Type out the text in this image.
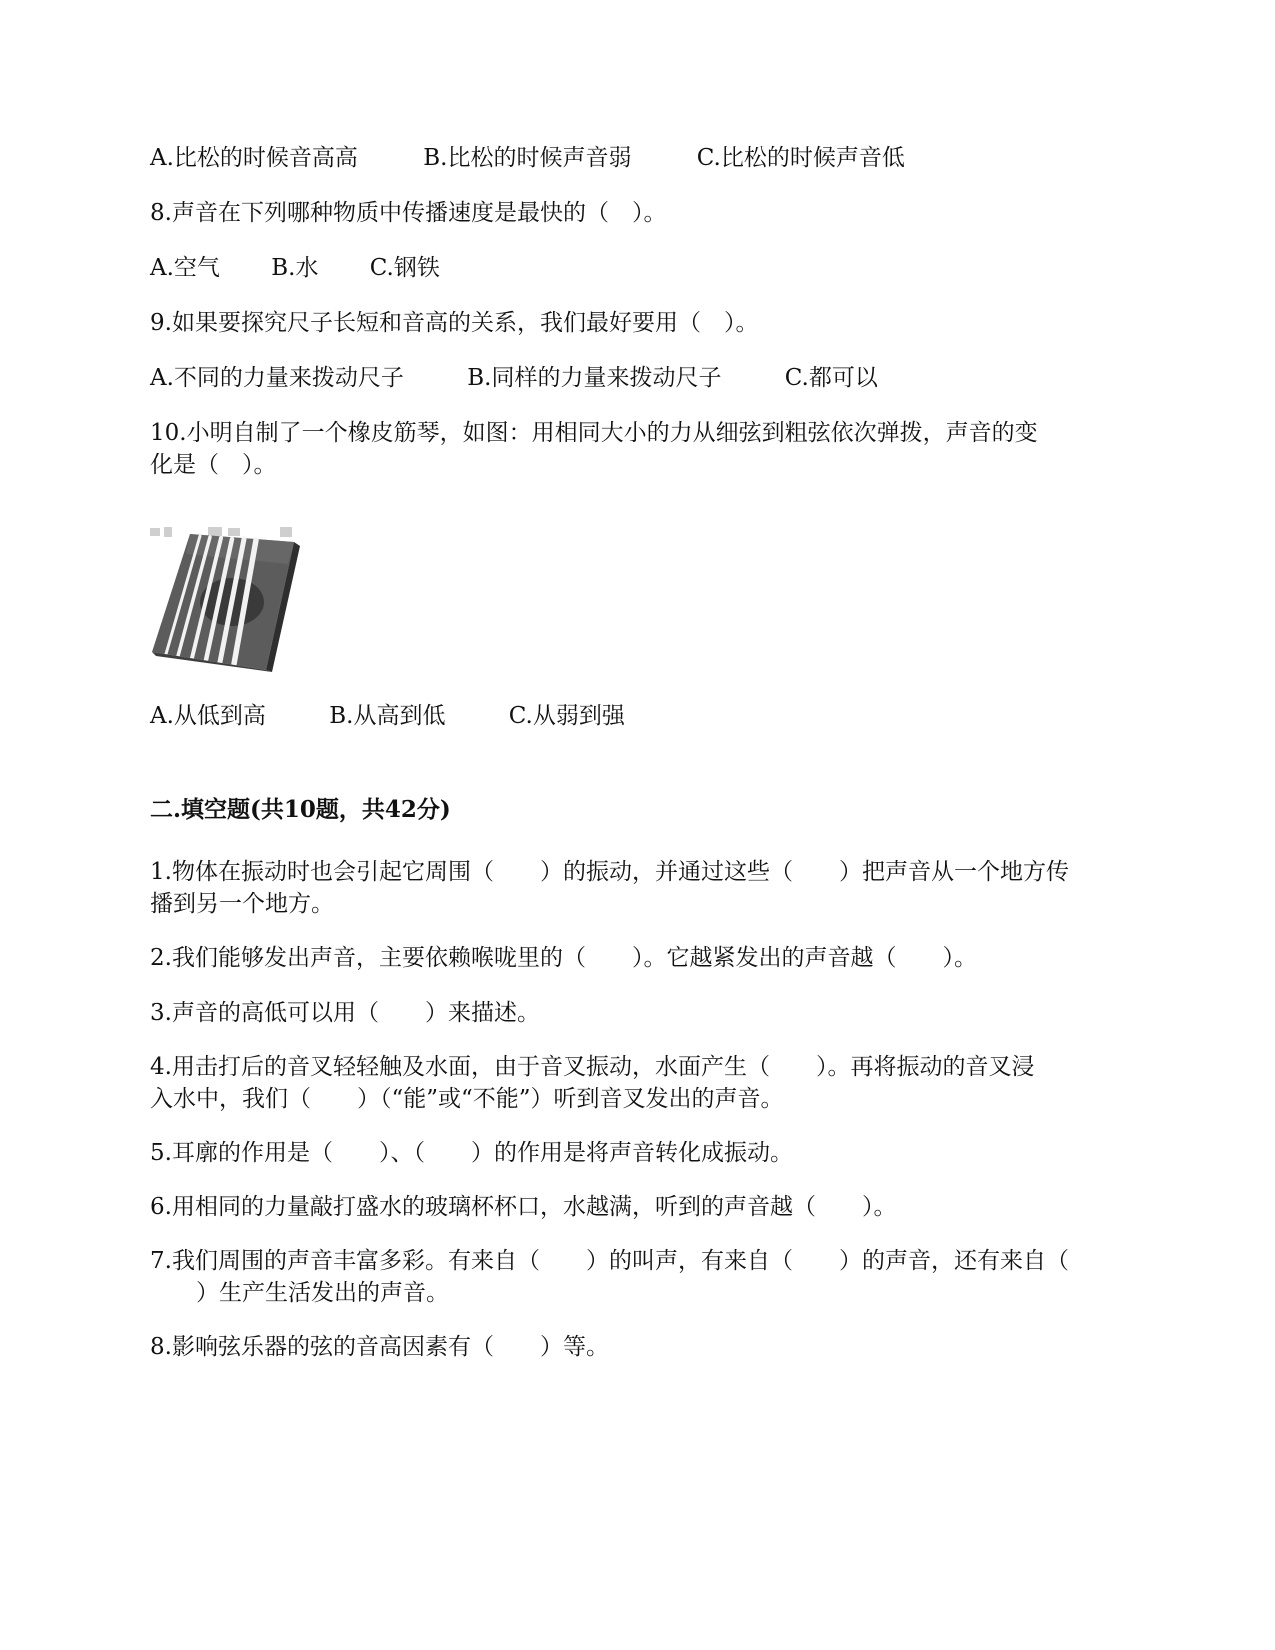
A.比松的时候音高高	B.比松的时候声音弱	C.比松的时候声音低
8.声音在下列哪种物质中传播速度是最快的（　）。
A.空气 B.水 C.钢铁
9.如果要探究尺子长短和音高的关系，我们最好要用（　）。
A.不同的力量来拨动尺子	B.同样的力量来拨动尺子	C.都可以
10.小明自制了一个橡皮筋琴，如图：用相同大小的力从细弦到粗弦依次弹拨，声音的变
化是（　）。
A.从低到高	B.从高到低	C.从弱到强
二.填空题(共10题，共42分)
1.物体在振动时也会引起它周围（　　）的振动，并通过这些（　　）把声音从一个地方传
播到另一个地方。
2.我们能够发出声音，主要依赖喉咙里的（　　）。它越紧发出的声音越（　　）。
3.声音的高低可以用（　　）来描述。
4.用击打后的音叉轻轻触及水面，由于音叉振动，水面产生（　　）。再将振动的音叉浸
入水中，我们（　　）（“能”或“不能”）听到音叉发出的声音。
5.耳廓的作用是（　　）、（　　）的作用是将声音转化成振动。
6.用相同的力量敲打盛水的玻璃杯杯口，水越满，听到的声音越（　　）。
7.我们周围的声音丰富多彩。有来自（　　）的叫声，有来自（　　）的声音，还有来自（
　　）生产生活发出的声音。
8.影响弦乐器的弦的音高因素有（　　）等。
